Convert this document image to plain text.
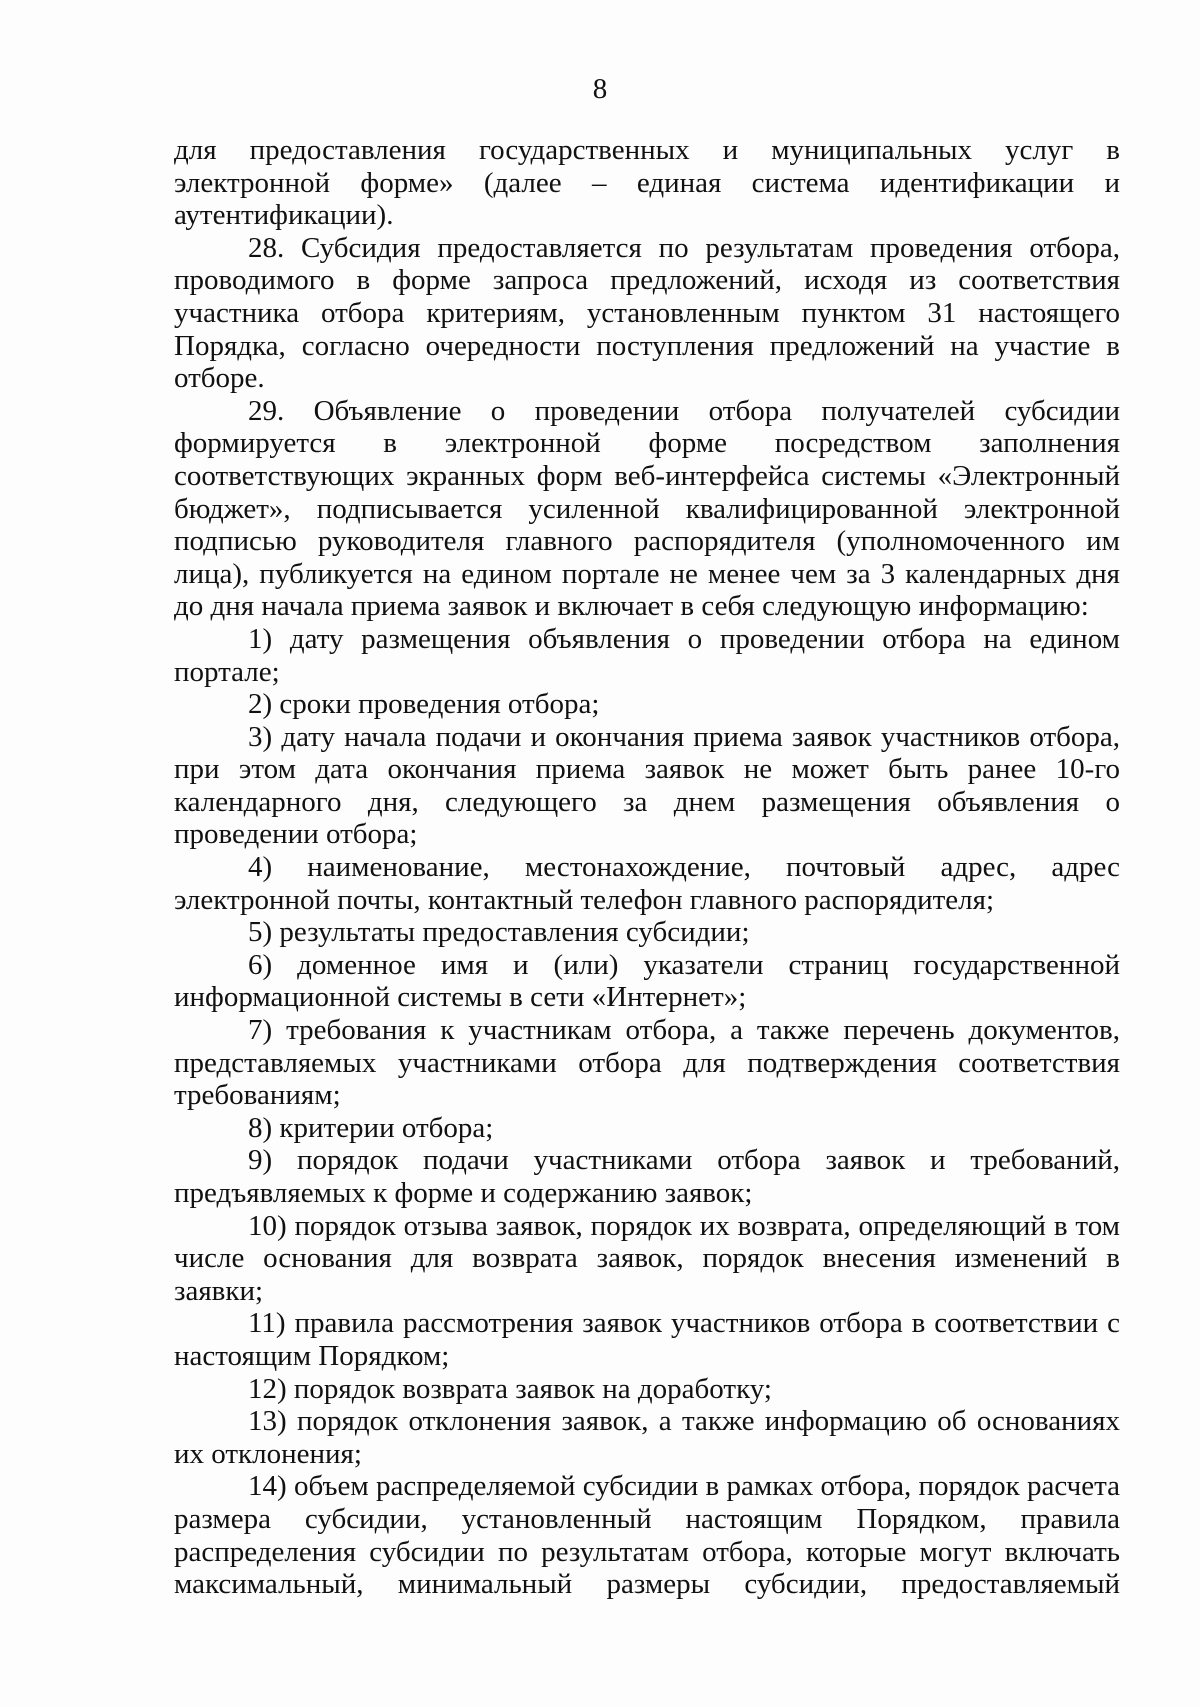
8

для предоставления государственных и муниципальных услуг в электронной форме» (далее – единая система идентификации и аутентификации).

28. Субсидия предоставляется по результатам проведения отбора, проводимого в форме запроса предложений, исходя из соответствия участника отбора критериям, установленным пунктом 31 настоящего Порядка, согласно очередности поступления предложений на участие в отборе.

29. Объявление о проведении отбора получателей субсидии формируется в электронной форме посредством заполнения соответствующих экранных форм веб-интерфейса системы «Электронный бюджет», подписывается усиленной квалифицированной электронной подписью руководителя главного распорядителя (уполномоченного им лица), публикуется на едином портале не менее чем за 3 календарных дня до дня начала приема заявок и включает в себя следующую информацию:

1) дату размещения объявления о проведении отбора на едином портале;

2) сроки проведения отбора;

3) дату начала подачи и окончания приема заявок участников отбора, при этом дата окончания приема заявок не может быть ранее 10-го календарного дня, следующего за днем размещения объявления о проведении отбора;

4) наименование, местонахождение, почтовый адрес, адрес электронной почты, контактный телефон главного распорядителя;

5) результаты предоставления субсидии;

6) доменное имя и (или) указатели страниц государственной информационной системы в сети «Интернет»;

7) требования к участникам отбора, а также перечень документов, представляемых участниками отбора для подтверждения соответствия требованиям;

8) критерии отбора;

9) порядок подачи участниками отбора заявок и требований, предъявляемых к форме и содержанию заявок;

10) порядок отзыва заявок, порядок их возврата, определяющий в том числе основания для возврата заявок, порядок внесения изменений в заявки;

11) правила рассмотрения заявок участников отбора в соответствии с настоящим Порядком;

12) порядок возврата заявок на доработку;

13) порядок отклонения заявок, а также информацию об основаниях их отклонения;

14) объем распределяемой субсидии в рамках отбора, порядок расчета размера субсидии, установленный настоящим Порядком, правила распределения субсидии по результатам отбора, которые могут включать максимальный, минимальный размеры субсидии, предоставляемый
